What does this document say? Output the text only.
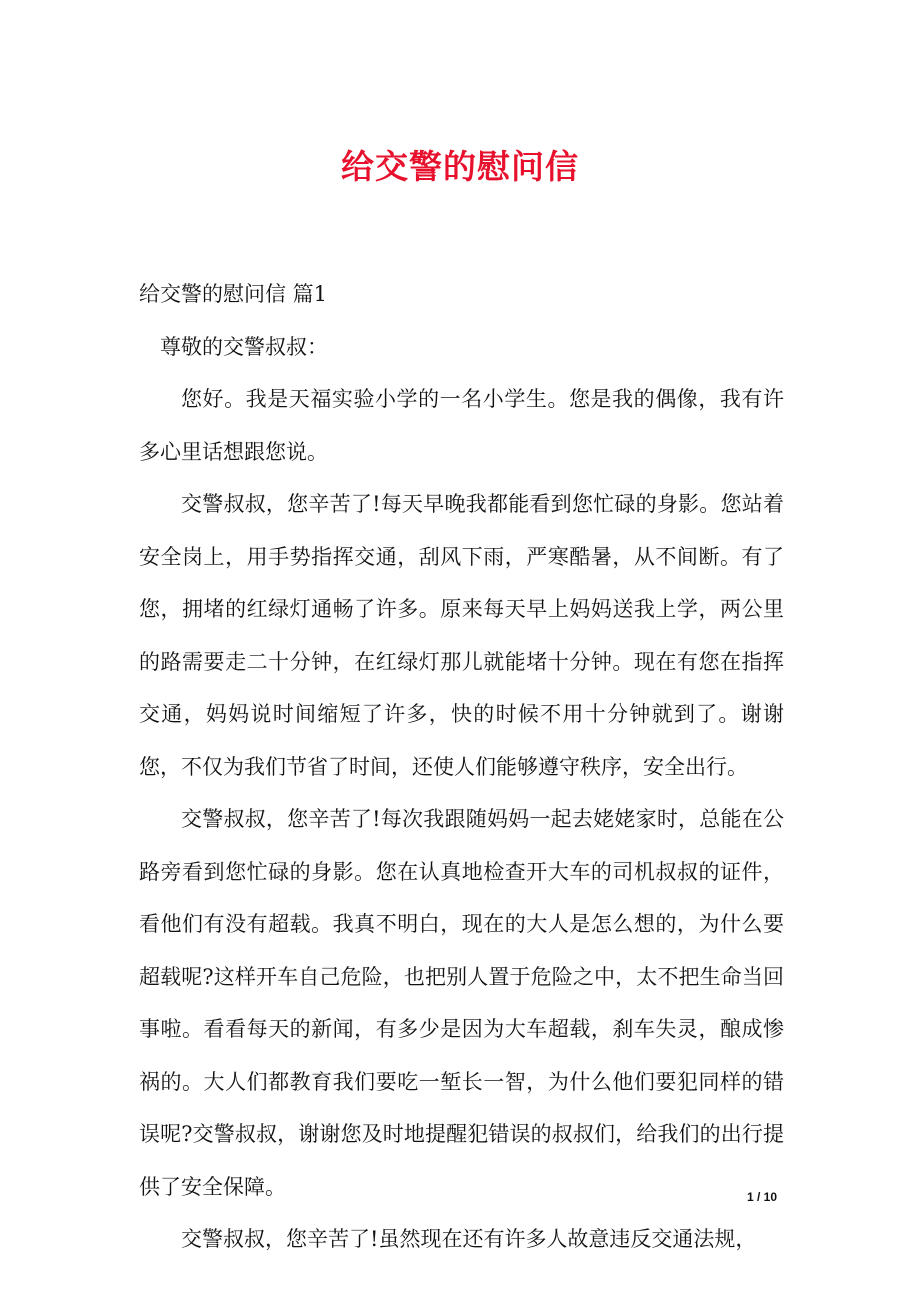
给交警的慰问信

给交警的慰问信 篇1

尊敬的交警叔叔：

您好。我是天福实验小学的一名小学生。您是我的偶像，我有许多心里话想跟您说。

交警叔叔，您辛苦了!每天早晚我都能看到您忙碌的身影。您站着安全岗上，用手势指挥交通，刮风下雨，严寒酷暑，从不间断。有了您，拥堵的红绿灯通畅了许多。原来每天早上妈妈送我上学，两公里的路需要走二十分钟，在红绿灯那儿就能堵十分钟。现在有您在指挥交通，妈妈说时间缩短了许多，快的时候不用十分钟就到了。谢谢您，不仅为我们节省了时间，还使人们能够遵守秩序，安全出行。

交警叔叔，您辛苦了!每次我跟随妈妈一起去姥姥家时，总能在公路旁看到您忙碌的身影。您在认真地检查开大车的司机叔叔的证件，看他们有没有超载。我真不明白，现在的大人是怎么想的，为什么要超载呢?这样开车自己危险，也把别人置于危险之中，太不把生命当回事啦。看看每天的新闻，有多少是因为大车超载，刹车失灵，酿成惨祸的。大人们都教育我们要吃一堑长一智，为什么他们要犯同样的错误呢?交警叔叔，谢谢您及时地提醒犯错误的叔叔们，给我们的出行提供了安全保障。

交警叔叔，您辛苦了!虽然现在还有许多人故意违反交通法规，

1 / 10
